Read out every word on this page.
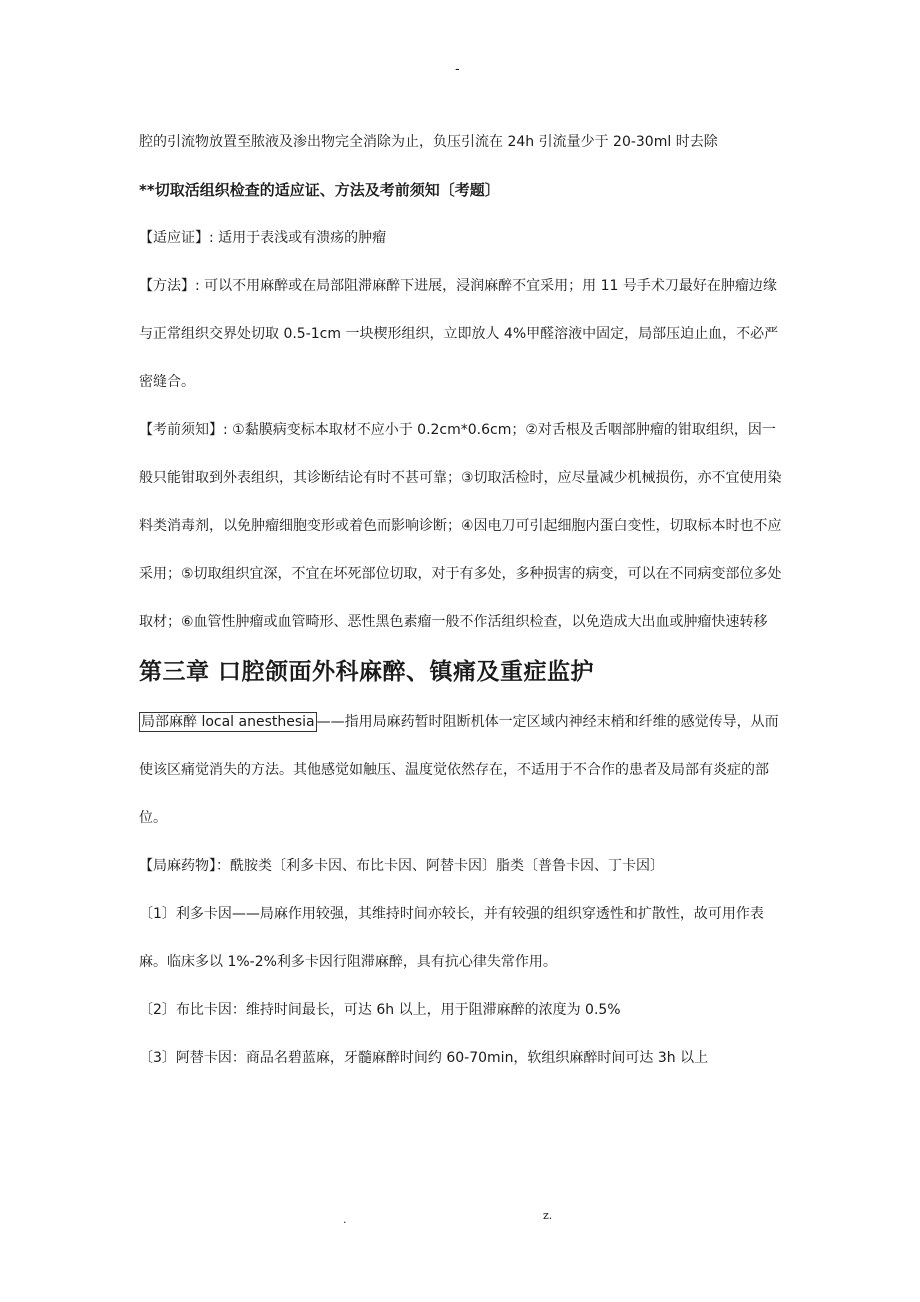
-

腔的引流物放置至脓液及渗出物完全消除为止，负压引流在 24h 引流量少于 20-30ml 时去除

**切取活组织检查的适应证、方法及考前须知〔考题〕

【适应证】: 适用于表浅或有溃疡的肿瘤

【方法】: 可以不用麻醉或在局部阻滞麻醉下进展，浸润麻醉不宜采用；用 11 号手术刀最好在肿瘤边缘与正常组织交界处切取 0.5-1cm 一块楔形组织，立即放人 4%甲醛溶液中固定，局部压迫止血，不必严密缝合。

【考前须知】: ①黏膜病变标本取材不应小于 0.2cm*0.6cm；②对舌根及舌咽部肿瘤的钳取组织，因一般只能钳取到外表组织，其诊断结论有时不甚可靠；③切取活检时，应尽量减少机械损伤，亦不宜使用染料类消毒剂，以免肿瘤细胞变形或着色而影响诊断；④因电刀可引起细胞内蛋白变性，切取标本时也不应采用；⑤切取组织宜深，不宜在坏死部位切取，对于有多处，多种损害的病变，可以在不同病变部位多处取材；⑥血管性肿瘤或血管畸形、恶性黑色素瘤一般不作活组织检查，以免造成大出血或肿瘤快速转移

第三章 口腔颌面外科麻醉、镇痛及重症监护

局部麻醉 local anesthesia ——指用局麻药暂时阻断机体一定区域内神经末梢和纤维的感觉传导，从而使该区痛觉消失的方法。其他感觉如触压、温度觉依然存在，不适用于不合作的患者及局部有炎症的部位。

【局麻药物】：酰胺类〔利多卡因、布比卡因、阿替卡因〕脂类〔普鲁卡因、丁卡因〕

〔1〕利多卡因——局麻作用较强，其维持时间亦较长，并有较强的组织穿透性和扩散性，故可用作表麻。临床多以 1%-2%利多卡因行阻滞麻醉，具有抗心律失常作用。

〔2〕布比卡因：维持时间最长，可达 6h 以上，用于阻滞麻醉的浓度为 0.5%

〔3〕阿替卡因：商品名碧蓝麻，牙髓麻醉时间约 60-70min，软组织麻醉时间可达 3h 以上

.	z.
